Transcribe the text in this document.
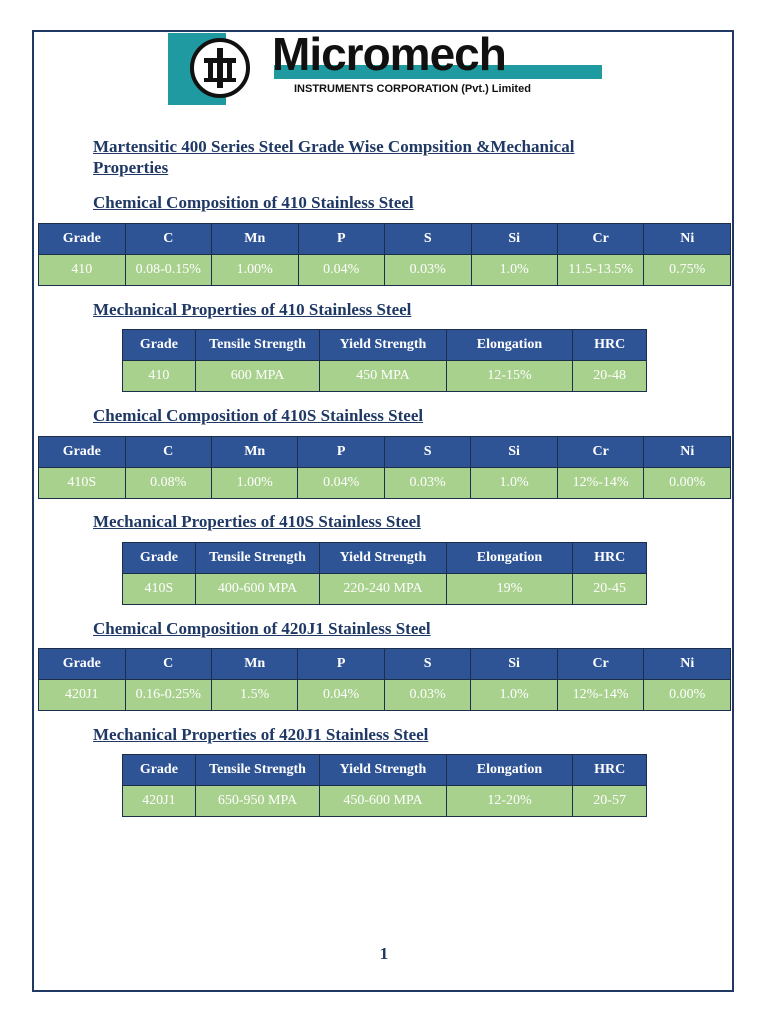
Micromech
INSTRUMENTS CORPORATION (Pvt.) Limited
Martensitic 400 Series Steel Grade Wise Compsition &Mechanical Properties
Chemical Composition of 410 Stainless Steel
Grade	C	Mn	P	S	Si	Cr	Ni
410	0.08-0.15%	1.00%	0.04%	0.03%	1.0%	11.5-13.5%	0.75%
Mechanical Properties of 410 Stainless Steel
Grade	Tensile Strength	Yield Strength	Elongation	HRC
410	600 MPA	450 MPA	12-15%	20-48
Chemical Composition of 410S Stainless Steel
Grade	C	Mn	P	S	Si	Cr	Ni
410S	0.08%	1.00%	0.04%	0.03%	1.0%	12%-14%	0.00%
Mechanical Properties of 410S Stainless Steel
Grade	Tensile Strength	Yield Strength	Elongation	HRC
410S	400-600 MPA	220-240 MPA	19%	20-45
Chemical Composition of 420J1 Stainless Steel
Grade	C	Mn	P	S	Si	Cr	Ni
420J1	0.16-0.25%	1.5%	0.04%	0.03%	1.0%	12%-14%	0.00%
Mechanical Properties of 420J1 Stainless Steel
Grade	Tensile Strength	Yield Strength	Elongation	HRC
420J1	650-950 MPA	450-600 MPA	12-20%	20-57
1
